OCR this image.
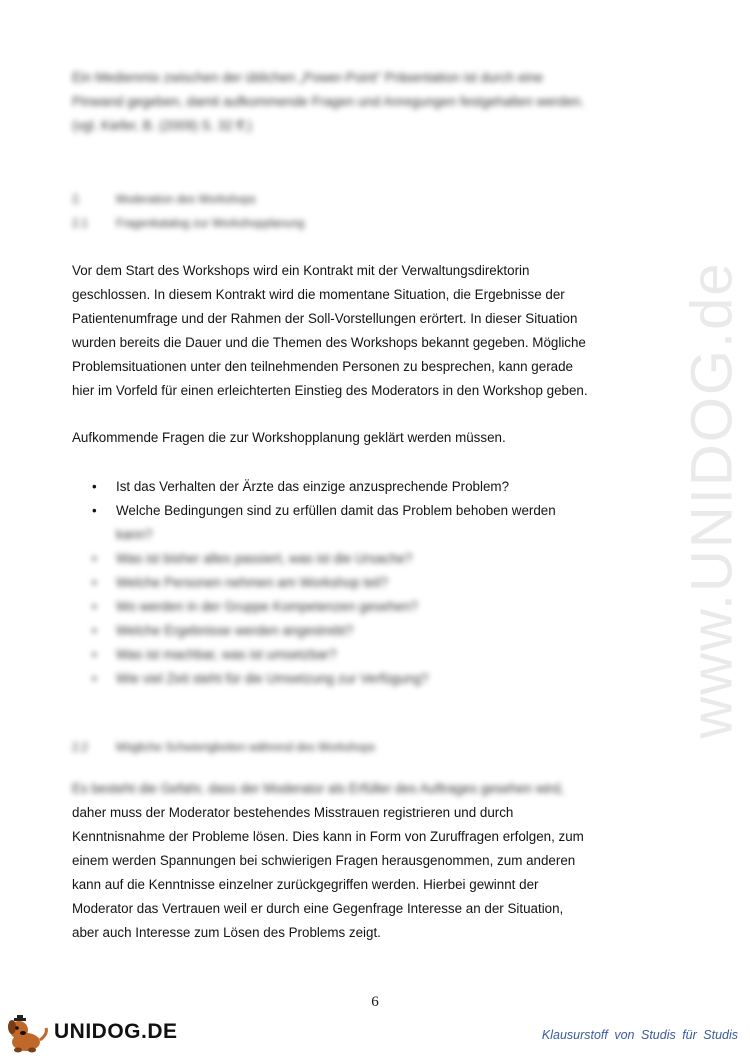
www.UNIDOG.de

Ein Medienmix zwischen der üblichen „Power-Point“ Präsentation ist durch eine

Pinwand gegeben, damit aufkommende Fragen und Anregungen festgehalten werden.

(vgl. Kiefer, B. (2009) S. 32 ff.)

2.	Moderation des Workshops
2.1	Fragenkatalog zur Workshopplanung

Vor dem Start des Workshops wird ein Kontrakt mit der Verwaltungsdirektorin

geschlossen. In diesem Kontrakt wird die momentane Situation, die Ergebnisse der

Patientenumfrage und der Rahmen der Soll-Vorstellungen erörtert. In dieser Situation

wurden bereits die Dauer und die Themen des Workshops bekannt gegeben. Mögliche

Problemsituationen unter den teilnehmenden Personen zu besprechen, kann gerade

hier im Vorfeld für einen erleichterten Einstieg des Moderators in den Workshop geben.

Aufkommende Fragen die zur Workshopplanung geklärt werden müssen.

• Ist das Verhalten der Ärzte das einzige anzusprechende Problem?
• Welche Bedingungen sind zu erfüllen damit das Problem behoben werden
kann?
• Was ist bisher alles passiert, was ist die Ursache?
• Welche Personen nehmen am Workshop teil?
• Wo werden in der Gruppe Kompetenzen gesehen?
• Welche Ergebnisse werden angestrebt?
• Was ist machbar, was ist umsetzbar?
• Wie viel Zeit steht für die Umsetzung zur Verfügung?
2.2	Mögliche Schwierigkeiten während des Workshops

Es besteht die Gefahr, dass der Moderator als Erfüller des Auftrages gesehen wird,

daher muss der Moderator bestehendes Misstrauen registrieren und durch

Kenntnisnahme der Probleme lösen. Dies kann in Form von Zuruffragen erfolgen, zum

einem werden Spannungen bei schwierigen Fragen herausgenommen, zum anderen

kann auf die Kenntnisse einzelner zurückgegriffen werden. Hierbei gewinnt der

Moderator das Vertrauen weil er durch eine Gegenfrage Interesse an der Situation,

aber auch Interesse zum Lösen des Problems zeigt.

6
UNIDOG.DE	Klausurstoff von Studis für Studis
